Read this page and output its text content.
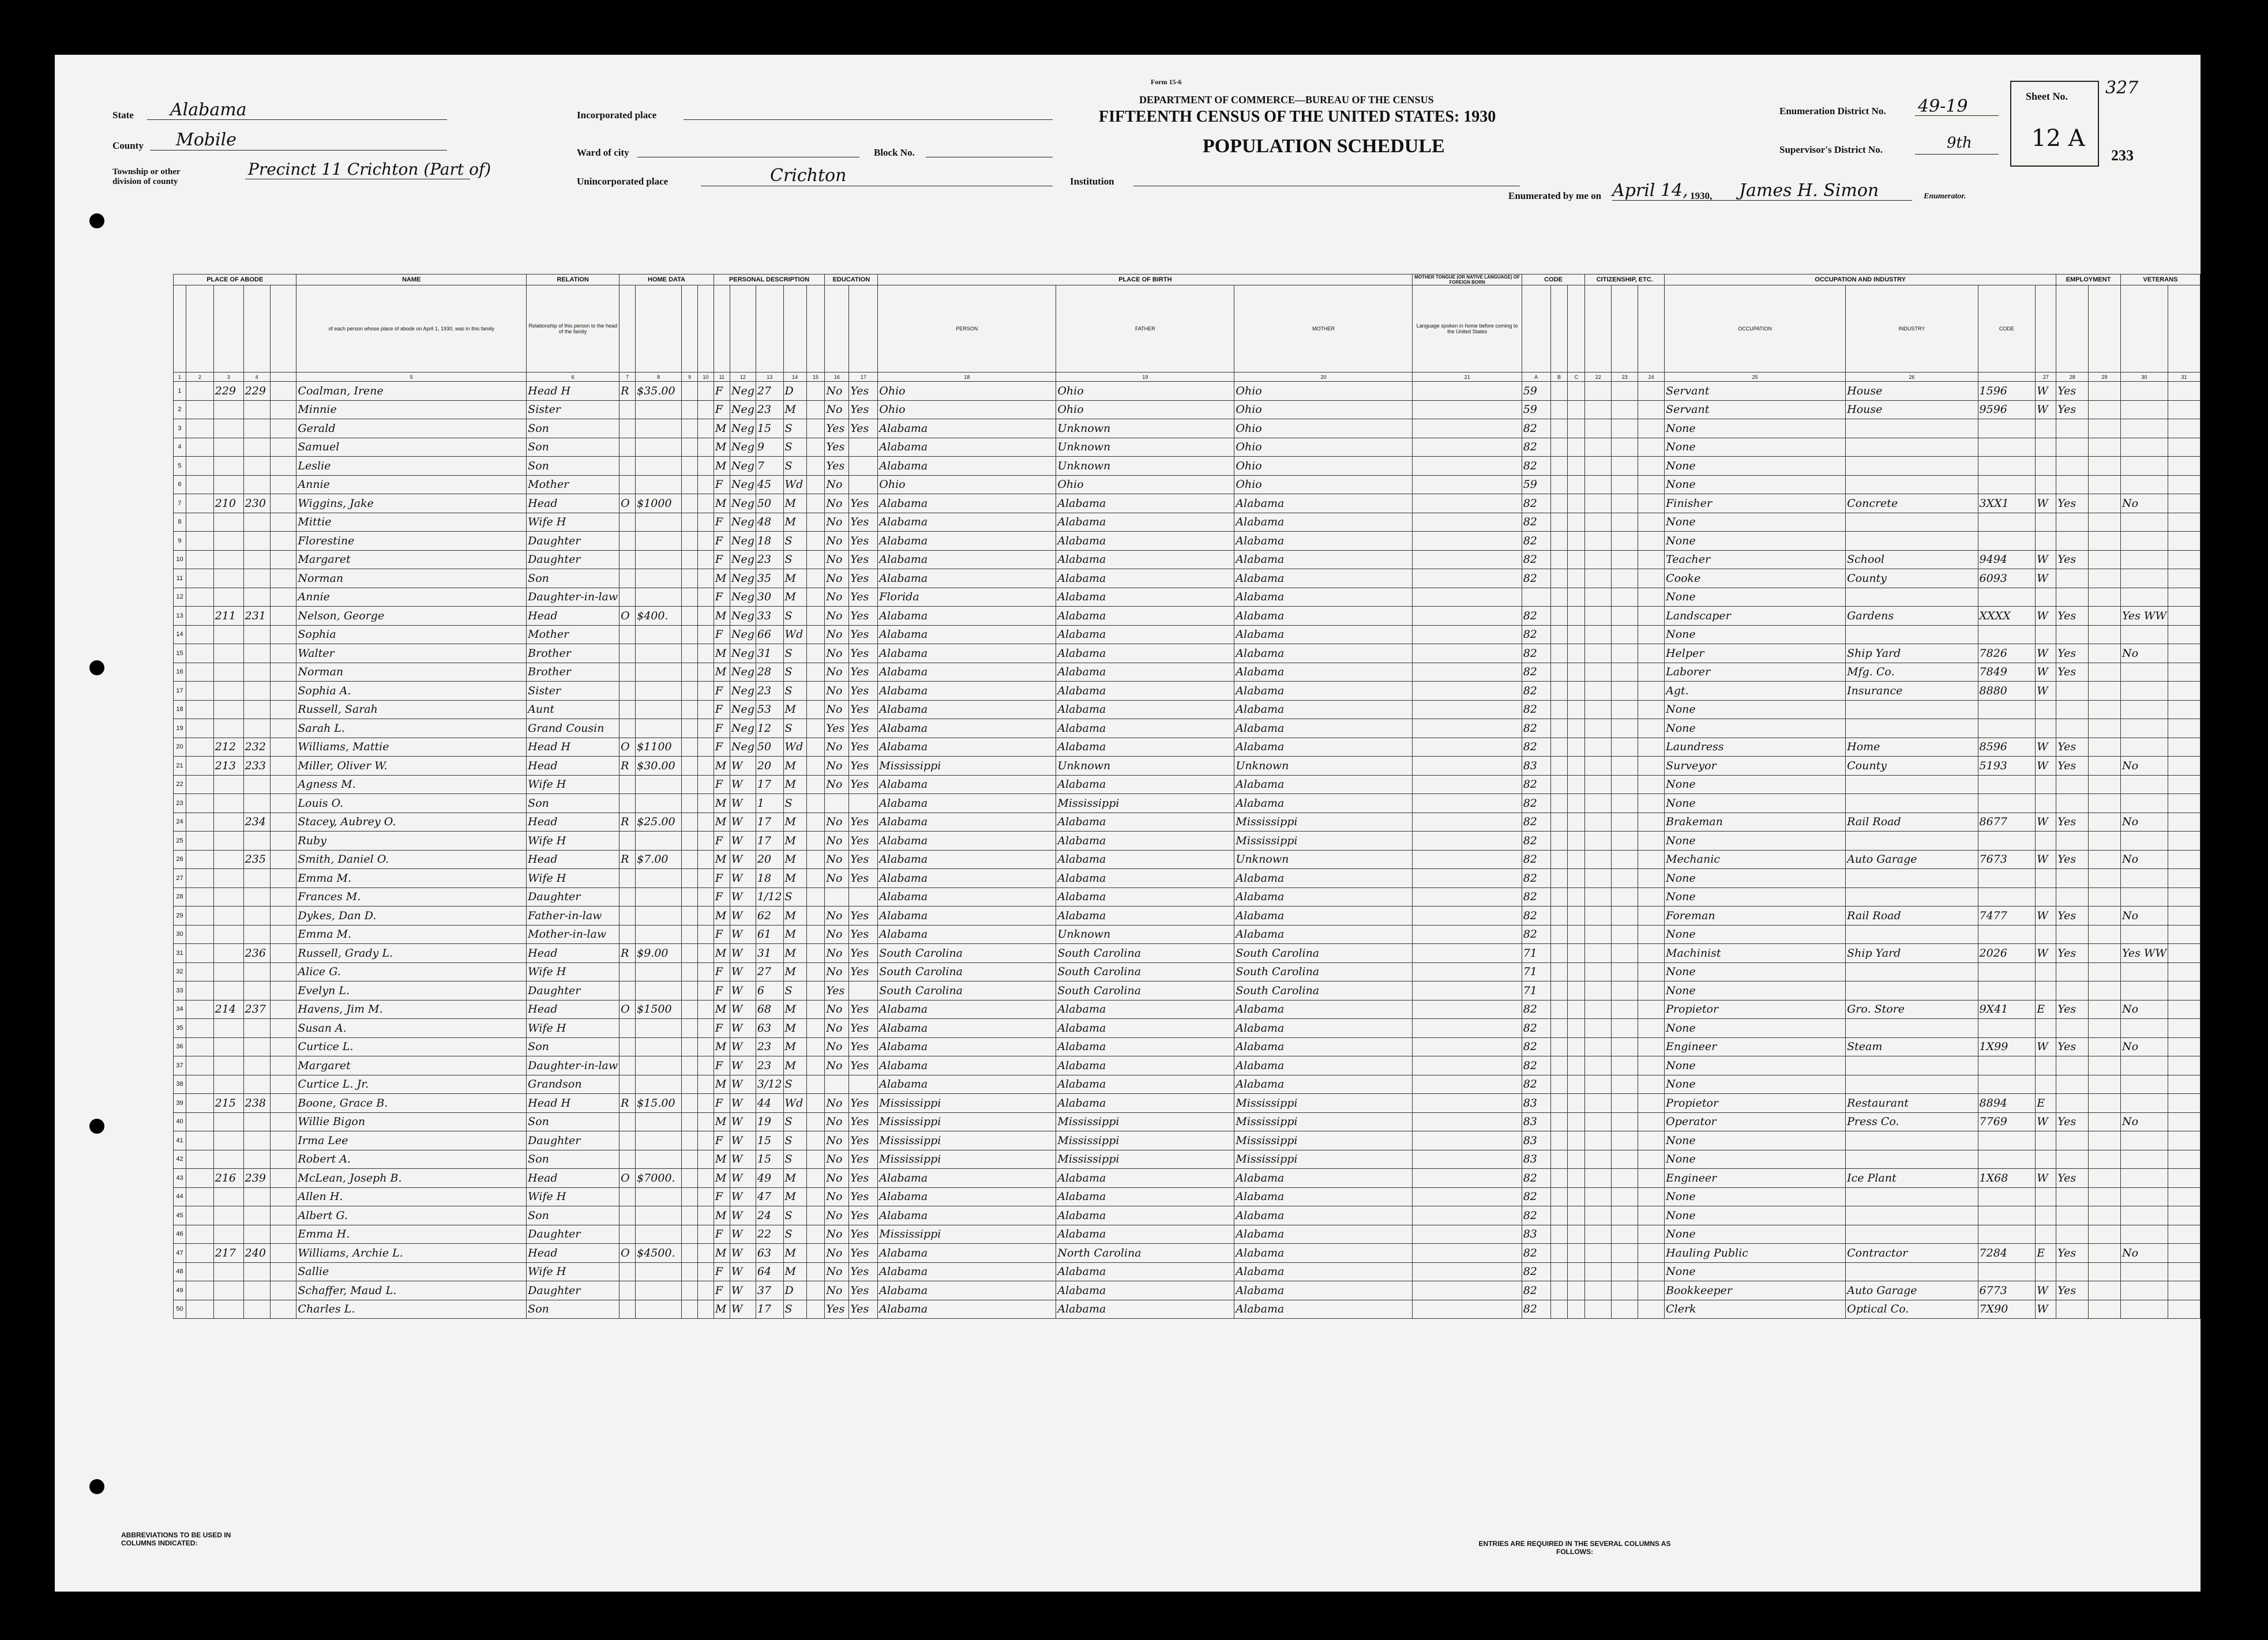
State Alabama
County Mobile
Township or other division of county
Precinct 11 Crichton (Part of)
Incorporated place
Ward of city	Block No.
Unincorporated place	Crichton
Form 15-6
DEPARTMENT OF COMMERCE—BUREAU OF THE CENSUS
FIFTEENTH CENSUS OF THE UNITED STATES: 1930
POPULATION SCHEDULE
Institution
Enumeration District No. 49-19
Supervisor's District No.	9th
Sheet No.
12 A
327
233
Enumerated by me on April 14, 1930, James H. Simon	Enumerator.
PLACE OF ABODE					NAME	RELATION	HOME DATA				PERSONAL DESCRIPTION					EDUCATION		PLACE OF BIRTH			MOTHER TONGUE (OR NATIVE LANGUAGE) OF FOREIGN BORN	CODE			CITIZENSHIP, ETC.			OCCUPATION AND INDUSTRY				EMPLOYMENT		VETERANS	
					of each person whose place of abode on April 1, 1930, was in this family	Relationship of this person to the head of the family												PERSON	FATHER	MOTHER	Language spoken in home before coming to the United States							OCCUPATION	INDUSTRY	CODE					
1	2	3	4		5	6	7	8	9	10	11	12	13	14	15	16	17	18	19	20	21	A	B	C	22	23	24	25	26		27	28	29	30	31
1		229	229		Coalman, Irene	Head H	R	$35.00			F	Neg	27	D		No	Yes	Ohio	Ohio	Ohio		59						Servant	House	1596	W	Yes			
2					Minnie	Sister					F	Neg	23	M		No	Yes	Ohio	Ohio	Ohio		59						Servant	House	9596	W	Yes			
3					Gerald	Son					M	Neg	15	S		Yes	Yes	Alabama	Unknown	Ohio		82						None							
4					Samuel	Son					M	Neg	9	S		Yes		Alabama	Unknown	Ohio		82						None							
5					Leslie	Son					M	Neg	7	S		Yes		Alabama	Unknown	Ohio		82						None							
6					Annie	Mother					F	Neg	45	Wd		No		Ohio	Ohio	Ohio		59						None							
7		210	230		Wiggins, Jake	Head	O	$1000			M	Neg	50	M		No	Yes	Alabama	Alabama	Alabama		82						Finisher	Concrete	3XX1	W	Yes		No	
8					Mittie	Wife H					F	Neg	48	M		No	Yes	Alabama	Alabama	Alabama		82						None							
9					Florestine	Daughter					F	Neg	18	S		No	Yes	Alabama	Alabama	Alabama		82						None							
10					Margaret	Daughter					F	Neg	23	S		No	Yes	Alabama	Alabama	Alabama		82						Teacher	School	9494	W	Yes			
11					Norman	Son					M	Neg	35	M		No	Yes	Alabama	Alabama	Alabama		82						Cooke	County	6093	W				
12					Annie	Daughter-in-law					F	Neg	30	M		No	Yes	Florida	Alabama	Alabama								None							
13		211	231		Nelson, George	Head	O	$400.			M	Neg	33	S		No	Yes	Alabama	Alabama	Alabama		82						Landscaper	Gardens	XXXX	W	Yes		Yes WW	
14					Sophia	Mother					F	Neg	66	Wd		No	Yes	Alabama	Alabama	Alabama		82						None							
15					Walter	Brother					M	Neg	31	S		No	Yes	Alabama	Alabama	Alabama		82						Helper	Ship Yard	7826	W	Yes		No	
16					Norman	Brother					M	Neg	28	S		No	Yes	Alabama	Alabama	Alabama		82						Laborer	Mfg. Co.	7849	W	Yes			
17					Sophia A.	Sister					F	Neg	23	S		No	Yes	Alabama	Alabama	Alabama		82						Agt.	Insurance	8880	W				
18					Russell, Sarah	Aunt					F	Neg	53	M		No	Yes	Alabama	Alabama	Alabama		82						None							
19					Sarah L.	Grand Cousin					F	Neg	12	S		Yes	Yes	Alabama	Alabama	Alabama		82						None							
20		212	232		Williams, Mattie	Head H	O	$1100			F	Neg	50	Wd		No	Yes	Alabama	Alabama	Alabama		82						Laundress	Home	8596	W	Yes			
21		213	233		Miller, Oliver W.	Head	R	$30.00			M	W	20	M		No	Yes	Mississippi	Unknown	Unknown		83						Surveyor	County	5193	W	Yes		No	
22					Agness M.	Wife H					F	W	17	M		No	Yes	Alabama	Alabama	Alabama		82						None							
23					Louis O.	Son					M	W	1	S				Alabama	Mississippi	Alabama		82						None							
24			234		Stacey, Aubrey O.	Head	R	$25.00			M	W	17	M		No	Yes	Alabama	Alabama	Mississippi		82						Brakeman	Rail Road	8677	W	Yes		No	
25					Ruby	Wife H					F	W	17	M		No	Yes	Alabama	Alabama	Mississippi		82						None							
26			235		Smith, Daniel O.	Head	R	$7.00			M	W	20	M		No	Yes	Alabama	Alabama	Unknown		82						Mechanic	Auto Garage	7673	W	Yes		No	
27					Emma M.	Wife H					F	W	18	M		No	Yes	Alabama	Alabama	Alabama		82						None							
28					Frances M.	Daughter					F	W	1/12	S				Alabama	Alabama	Alabama		82						None							
29					Dykes, Dan D.	Father-in-law					M	W	62	M		No	Yes	Alabama	Alabama	Alabama		82						Foreman	Rail Road	7477	W	Yes		No	
30					Emma M.	Mother-in-law					F	W	61	M		No	Yes	Alabama	Unknown	Alabama		82						None							
31			236		Russell, Grady L.	Head	R	$9.00			M	W	31	M		No	Yes	South Carolina	South Carolina	South Carolina		71						Machinist	Ship Yard	2026	W	Yes		Yes WW	
32					Alice G.	Wife H					F	W	27	M		No	Yes	South Carolina	South Carolina	South Carolina		71						None							
33					Evelyn L.	Daughter					F	W	6	S		Yes		South Carolina	South Carolina	South Carolina		71						None							
34		214	237		Havens, Jim M.	Head	O	$1500			M	W	68	M		No	Yes	Alabama	Alabama	Alabama		82						Propietor	Gro. Store	9X41	E	Yes		No	
35					Susan A.	Wife H					F	W	63	M		No	Yes	Alabama	Alabama	Alabama		82						None							
36					Curtice L.	Son					M	W	23	M		No	Yes	Alabama	Alabama	Alabama		82						Engineer	Steam	1X99	W	Yes		No	
37					Margaret	Daughter-in-law					F	W	23	M		No	Yes	Alabama	Alabama	Alabama		82						None							
38					Curtice L. Jr.	Grandson					M	W	3/12	S				Alabama	Alabama	Alabama		82						None							
39		215	238		Boone, Grace B.	Head H	R	$15.00			F	W	44	Wd		No	Yes	Mississippi	Alabama	Mississippi		83						Propietor	Restaurant	8894	E				
40					Willie Bigon	Son					M	W	19	S		No	Yes	Mississippi	Mississippi	Mississippi		83						Operator	Press Co.	7769	W	Yes		No	
41					Irma Lee	Daughter					F	W	15	S		No	Yes	Mississippi	Mississippi	Mississippi		83						None							
42					Robert A.	Son					M	W	15	S		No	Yes	Mississippi	Mississippi	Mississippi		83						None							
43		216	239		McLean, Joseph B.	Head	O	$7000.			M	W	49	M		No	Yes	Alabama	Alabama	Alabama		82						Engineer	Ice Plant	1X68	W	Yes			
44					Allen H.	Wife H					F	W	47	M		No	Yes	Alabama	Alabama	Alabama		82						None							
45					Albert G.	Son					M	W	24	S		No	Yes	Alabama	Alabama	Alabama		82						None							
46					Emma H.	Daughter					F	W	22	S		No	Yes	Mississippi	Alabama	Alabama		83						None							
47		217	240		Williams, Archie L.	Head	O	$4500.			M	W	63	M		No	Yes	Alabama	North Carolina	Alabama		82						Hauling Public	Contractor	7284	E	Yes		No	
48					Sallie	Wife H					F	W	64	M		No	Yes	Alabama	Alabama	Alabama		82						None							
49					Schaffer, Maud L.	Daughter					F	W	37	D		No	Yes	Alabama	Alabama	Alabama		82						Bookkeeper	Auto Garage	6773	W	Yes			
50					Charles L.	Son					M	W	17	S		Yes	Yes	Alabama	Alabama	Alabama		82						Clerk	Optical Co.	7X90	W				
ABBREVIATIONS TO BE USED IN COLUMNS INDICATED:	ENTRIES ARE REQUIRED IN THE SEVERAL COLUMNS AS FOLLOWS:
